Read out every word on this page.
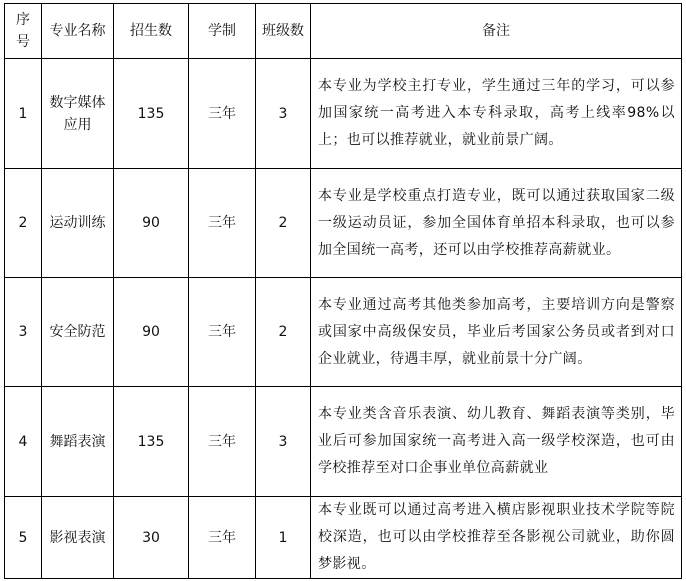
序号	专业名称	招生数	学制	班级数	备注
1	数字媒体应用	135	三年	3	本专业为学校主打专业，学生通过三年的学习，可以参加国家统一高考进入本专科录取，高考上线率98%以上；也可以推荐就业，就业前景广阔。
2	运动训练	90	三年	2	本专业是学校重点打造专业，既可以通过获取国家二级一级运动员证，参加全国体育单招本科录取，也可以参加全国统一高考，还可以由学校推荐高薪就业。
3	安全防范	90	三年	2	本专业通过高考其他类参加高考，主要培训方向是警察或国家中高级保安员，毕业后考国家公务员或者到对口企业就业，待遇丰厚，就业前景十分广阔。
4	舞蹈表演	135	三年	3	本专业类含音乐表演、幼儿教育、舞蹈表演等类别，毕业后可参加国家统一高考进入高一级学校深造，也可由学校推荐至对口企事业单位高薪就业
5	影视表演	30	三年	1	本专业既可以通过高考进入横店影视职业技术学院等院校深造，也可以由学校推荐至各影视公司就业，助你圆梦影视。
